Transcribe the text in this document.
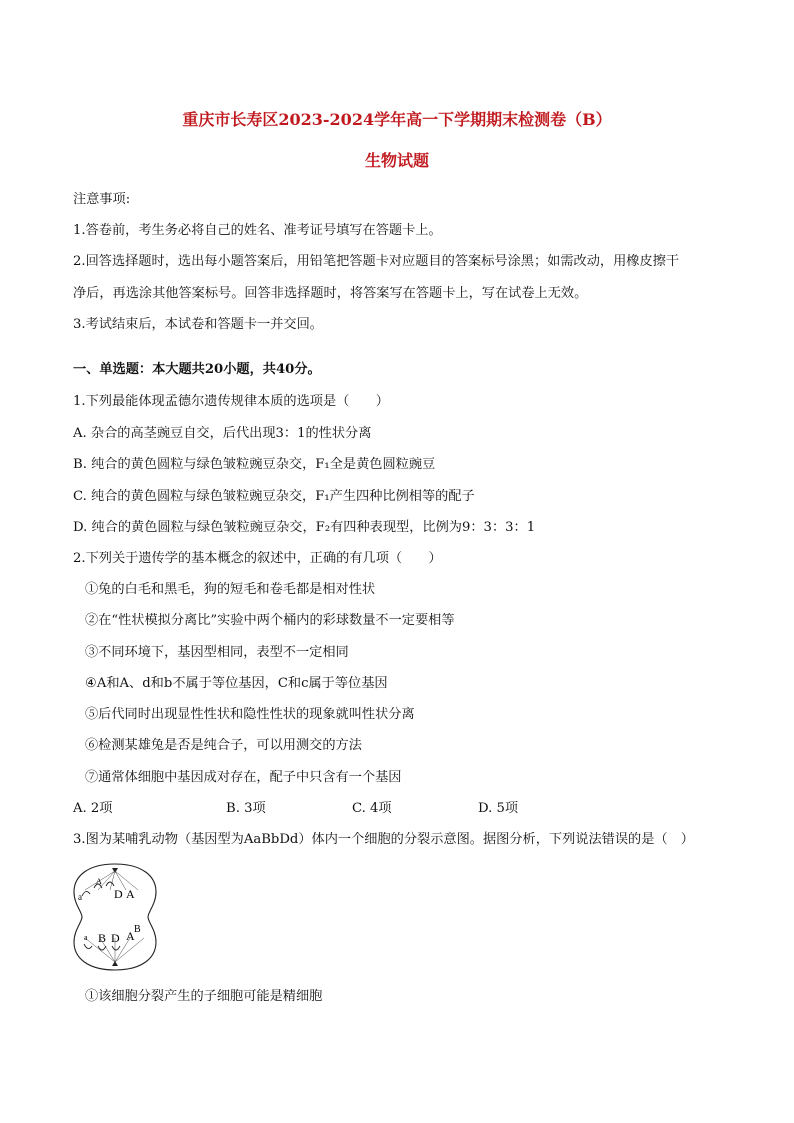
重庆市长寿区2023-2024学年高一下学期期末检测卷（B）
生物试题
注意事项:
1.答卷前，考生务必将自己的姓名、准考证号填写在答题卡上。
2.回答选择题时，选出每小题答案后，用铅笔把答题卡对应题目的答案标号涂黑；如需改动，用橡皮擦干
净后，再选涂其他答案标号。回答非选择题时，将答案写在答题卡上，写在试卷上无效。
3.考试结束后，本试卷和答题卡一并交回。
一、单选题：本大题共20小题，共40分。
1.下列最能体现孟德尔遗传规律本质的选项是（　　）
A. 杂合的高茎豌豆自交，后代出现3：1的性状分离
B. 纯合的黄色圆粒与绿色皱粒豌豆杂交，F₁全是黄色圆粒豌豆
C. 纯合的黄色圆粒与绿色皱粒豌豆杂交，F₁产生四种比例相等的配子
D. 纯合的黄色圆粒与绿色皱粒豌豆杂交，F₂有四种表现型，比例为9：3：3：1
2.下列关于遗传学的基本概念的叙述中，正确的有几项（　　）
①兔的白毛和黑毛，狗的短毛和卷毛都是相对性状
②在“性状模拟分离比”实验中两个桶内的彩球数量不一定要相等
③不同环境下，基因型相同，表型不一定相同
④A和A、d和b不属于等位基因，C和c属于等位基因
⑤后代同时出现显性性状和隐性性状的现象就叫性状分离
⑥检测某雄兔是否是纯合子，可以用测交的方法
⑦通常体细胞中基因成对存在，配子中只含有一个基因
A. 2项	B. 3项	C. 4项	D. 5项
3.图为某哺乳动物（基因型为AaBbDd）体内一个细胞的分裂示意图。据图分析，下列说法错误的是（　）
a
A
D A
a B D A B
①该细胞分裂产生的子细胞可能是精细胞
